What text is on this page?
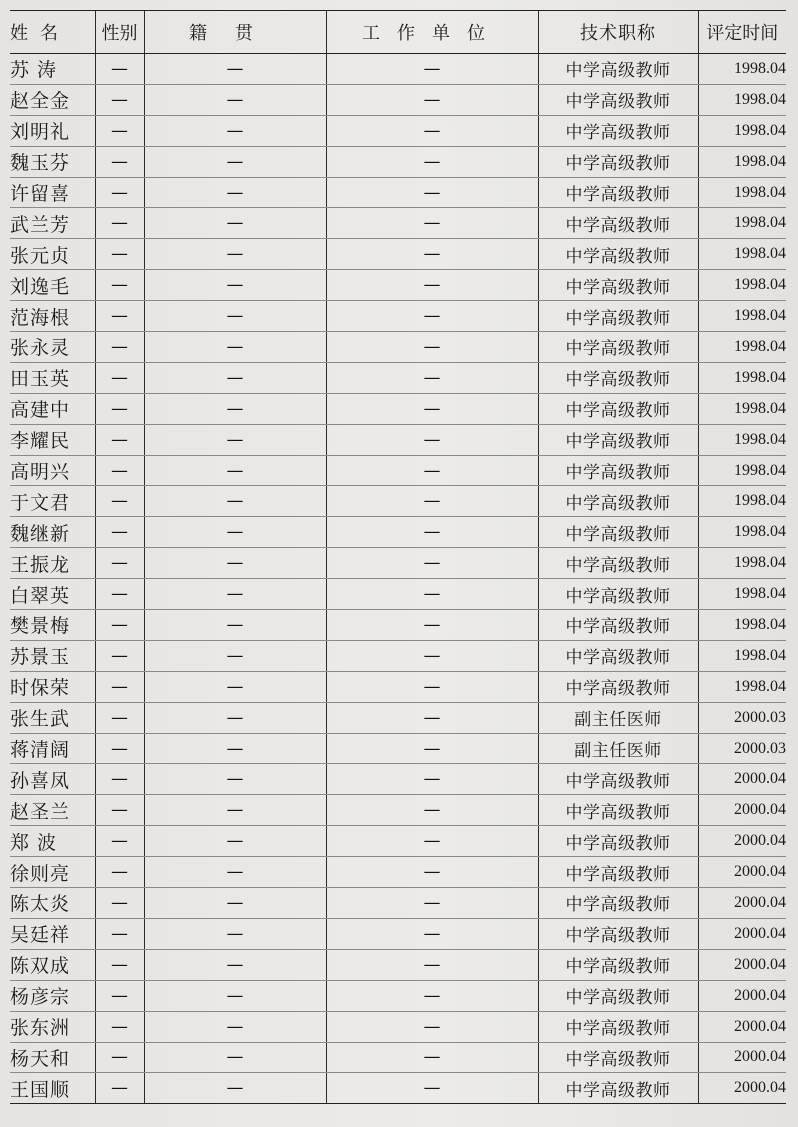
姓名	性别	籍贯	工作单位	技术职称	评定时间
苏 涛	—	—	—	中学高级教师	1998.04
赵全金	—	—	—	中学高级教师	1998.04
刘明礼	—	—	—	中学高级教师	1998.04
魏玉芬	—	—	—	中学高级教师	1998.04
许留喜	—	—	—	中学高级教师	1998.04
武兰芳	—	—	—	中学高级教师	1998.04
张元贞	—	—	—	中学高级教师	1998.04
刘逸毛	—	—	—	中学高级教师	1998.04
范海根	—	—	—	中学高级教师	1998.04
张永灵	—	—	—	中学高级教师	1998.04
田玉英	—	—	—	中学高级教师	1998.04
高建中	—	—	—	中学高级教师	1998.04
李耀民	—	—	—	中学高级教师	1998.04
高明兴	—	—	—	中学高级教师	1998.04
于文君	—	—	—	中学高级教师	1998.04
魏继新	—	—	—	中学高级教师	1998.04
王振龙	—	—	—	中学高级教师	1998.04
白翠英	—	—	—	中学高级教师	1998.04
樊景梅	—	—	—	中学高级教师	1998.04
苏景玉	—	—	—	中学高级教师	1998.04
时保荣	—	—	—	中学高级教师	1998.04
张生武	—	—	—	副主任医师	2000.03
蒋清阔	—	—	—	副主任医师	2000.03
孙喜凤	—	—	—	中学高级教师	2000.04
赵圣兰	—	—	—	中学高级教师	2000.04
郑 波	—	—	—	中学高级教师	2000.04
徐则亮	—	—	—	中学高级教师	2000.04
陈太炎	—	—	—	中学高级教师	2000.04
吴廷祥	—	—	—	中学高级教师	2000.04
陈双成	—	—	—	中学高级教师	2000.04
杨彦宗	—	—	—	中学高级教师	2000.04
张东洲	—	—	—	中学高级教师	2000.04
杨天和	—	—	—	中学高级教师	2000.04
王国顺	—	—	—	中学高级教师	2000.04
